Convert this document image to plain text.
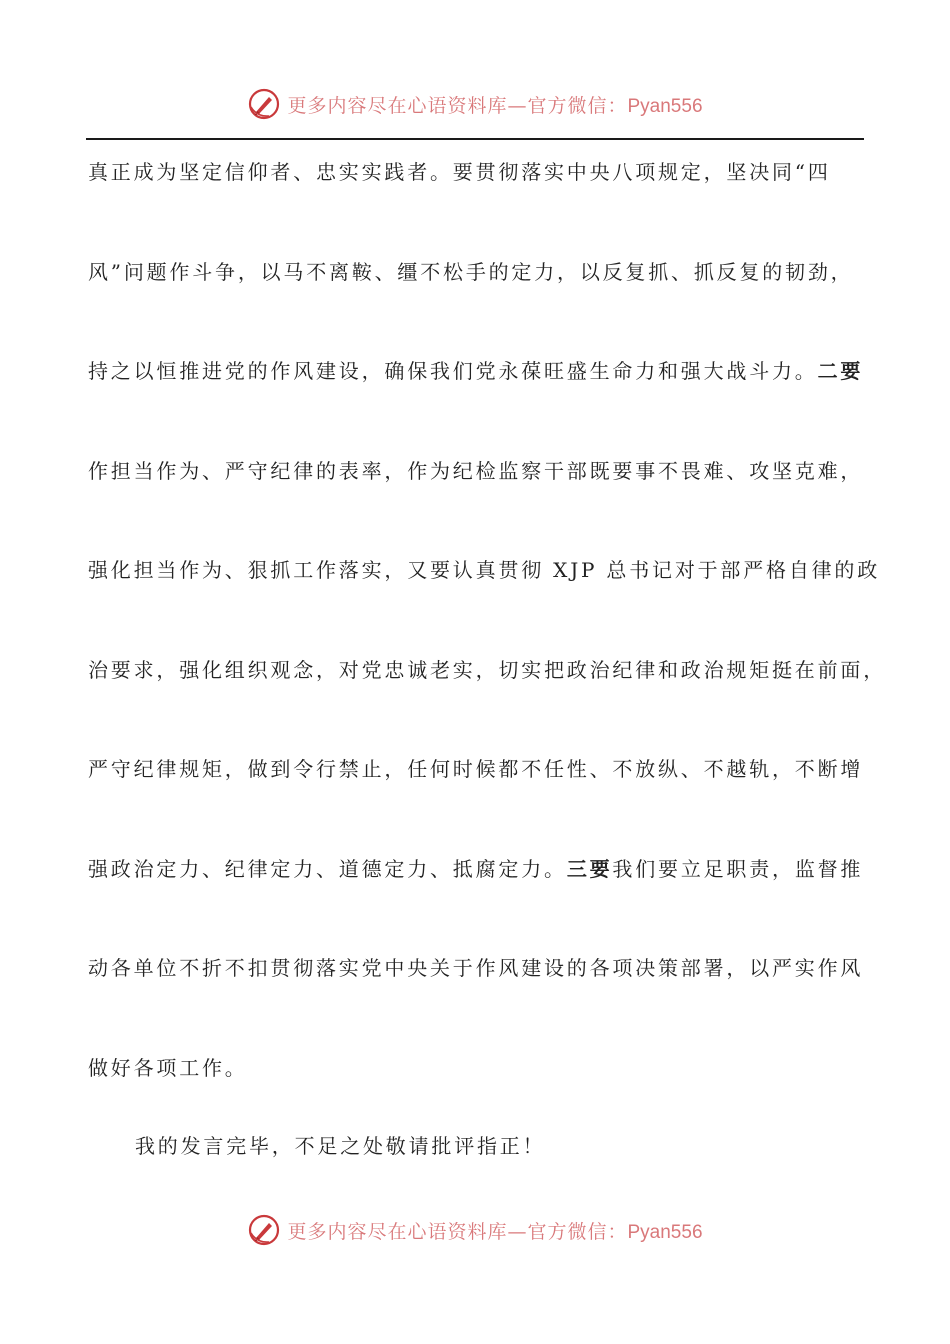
更多内容尽在心语资料库—官方微信：Pyan556
真正成为坚定信仰者、忠实实践者。要贯彻落实中央八项规定，坚决同“四
风”问题作斗争，以马不离鞍、缰不松手的定力，以反复抓、抓反复的韧劲，
持之以恒推进党的作风建设，确保我们党永葆旺盛生命力和强大战斗力。二要
作担当作为、严守纪律的表率，作为纪检监察干部既要事不畏难、攻坚克难，
强化担当作为、狠抓工作落实，又要认真贯彻 XJP 总书记对于部严格自律的政
治要求，强化组织观念，对党忠诚老实，切实把政治纪律和政治规矩挺在前面，
严守纪律规矩，做到令行禁止，任何时候都不任性、不放纵、不越轨，不断增
强政治定力、纪律定力、道德定力、抵腐定力。三要我们要立足职责，监督推
动各单位不折不扣贯彻落实党中央关于作风建设的各项决策部署，以严实作风
做好各项工作。
我的发言完毕，不足之处敬请批评指正！
更多内容尽在心语资料库—官方微信：Pyan556
